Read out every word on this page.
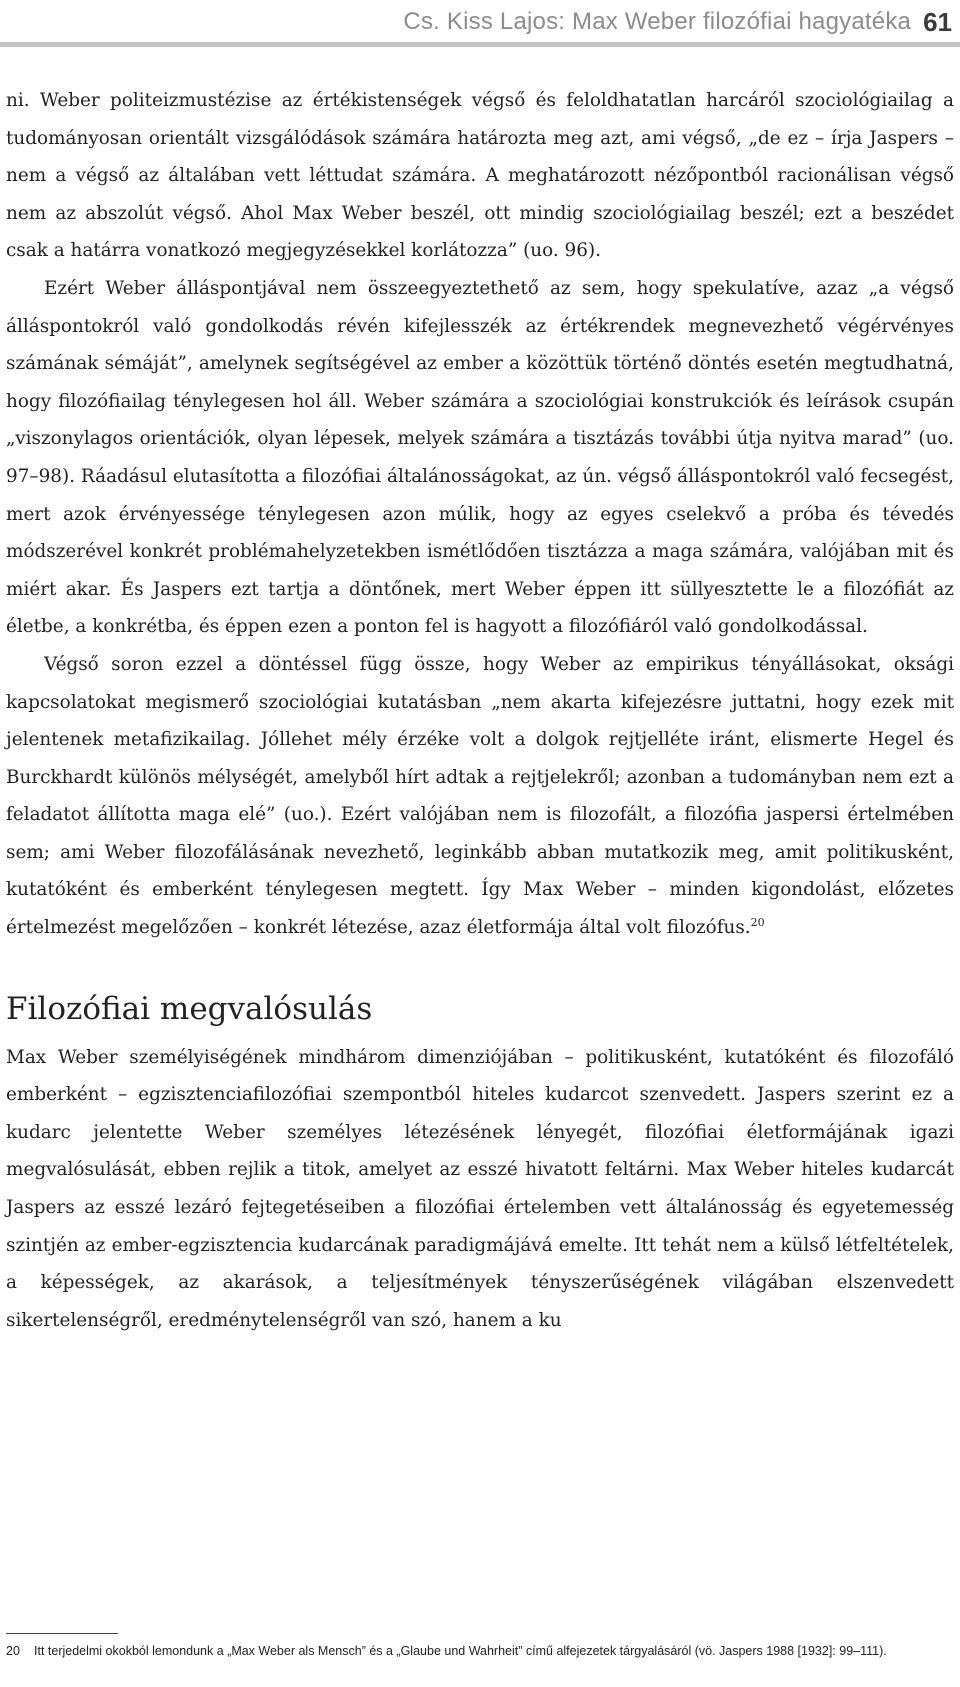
Cs. Kiss Lajos: Max Weber filozófiai hagyatéka 61

ni. Weber politeizmustézise az értékistenségek végső és feloldhatatlan harcáról szociológiailag a tudományosan orientált vizsgálódások számára határozta meg azt, ami végső, „de ez – írja Jaspers – nem a végső az általában vett léttudat számára. A meghatározott nézőpontból racionálisan végső nem az abszolút végső. Ahol Max Weber beszél, ott mindig szociológiailag beszél; ezt a beszédet csak a határra vonatkozó megjegyzésekkel korlátozza” (uo. 96).

Ezért Weber álláspontjával nem összeegyeztethető az sem, hogy spekulatíve, azaz „a végső álláspontokról való gondolkodás révén kifejlesszék az értékrendek megnevezhető végérvényes számának sémáját”, amelynek segítségével az ember a közöttük történő döntés esetén megtudhatná, hogy filozófiailag ténylegesen hol áll. Weber számára a szociológiai konstrukciók és leírások csupán „viszonylagos orientációk, olyan lépesek, melyek számára a tisztázás további útja nyitva marad” (uo. 97–98). Ráadásul elutasította a filozófiai általánosságokat, az ún. végső álláspontokról való fecsegést, mert azok érvényessége ténylegesen azon múlik, hogy az egyes cselekvő a próba és tévedés módszerével konkrét problémahelyzetekben ismétlődően tisztázza a maga számára, valójában mit és miért akar. És Jaspers ezt tartja a döntőnek, mert Weber éppen itt süllyesztette le a filozófiát az életbe, a konkrétba, és éppen ezen a ponton fel is hagyott a filozófiáról való gondolkodással.

Végső soron ezzel a döntéssel függ össze, hogy Weber az empirikus tényállásokat, oksági kapcsolatokat megismerő szociológiai kutatásban „nem akarta kifejezésre juttatni, hogy ezek mit jelentenek metafizikailag. Jóllehet mély érzéke volt a dolgok rejtjelléte iránt, elismerte Hegel és Burckhardt különös mélységét, amelyből hírt adtak a rejtjelekről; azonban a tudományban nem ezt a feladatot állította maga elé” (uo.). Ezért valójában nem is filozofált, a filozófia jaspersi értelmében sem; ami Weber filozofálásának nevezhető, leginkább abban mutatkozik meg, amit politikusként, kutatóként és emberként ténylegesen megtett. Így Max Weber – minden kigondolást, előzetes értelmezést megelőzően – konkrét létezése, azaz életformája által volt filozófus.$^{20}$

Filozófiai megvalósulás

Max Weber személyiségének mindhárom dimenziójában – politikusként, kutatóként és filozofáló emberként – egzisztenciafilozófiai szempontból hiteles kudarcot szenvedett. Jaspers szerint ez a kudarc jelentette Weber személyes létezésének lényegét, filozófiai életformájának igazi megvalósulását, ebben rejlik a titok, amelyet az esszé hivatott feltárni. Max Weber hiteles kudarcát Jaspers az esszé lezáró fejtegetéseiben a filozófiai értelemben vett általánosság és egyetemesség szintjén az ember-egzisztencia kudarcának paradigmájává emelte. Itt tehát nem a külső létfeltételek, a képességek, az akarások, a teljesítmények tényszerűségének világában elszenvedett sikertelenségről, eredménytelenségről van szó, hanem a ku

20	Itt terjedelmi okokból lemondunk a „Max Weber als Mensch” és a „Glaube und Wahrheit” című alfejezetek tárgyalásáról (vö. Jaspers 1988 [1932]: 99–111).
